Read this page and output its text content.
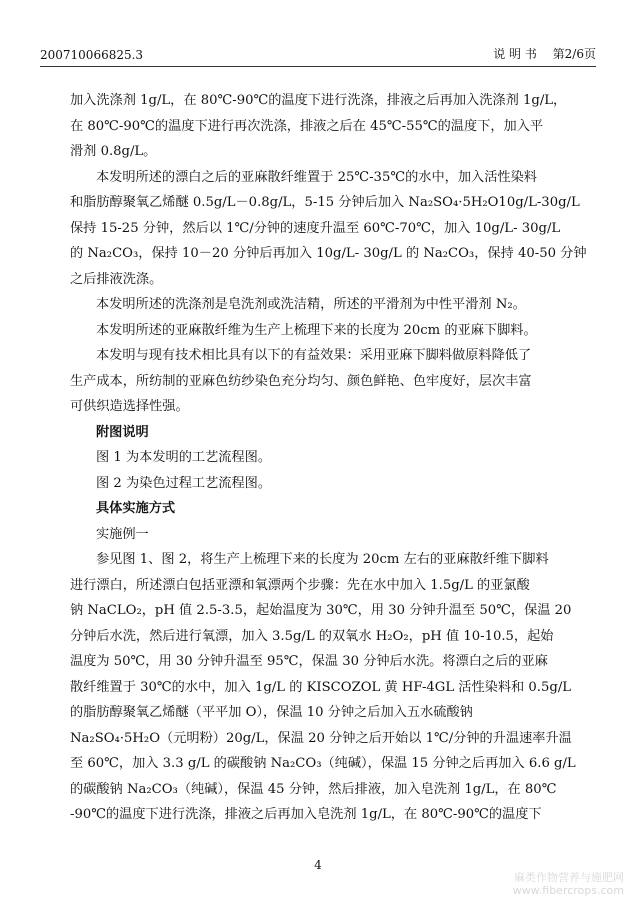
200710066825.3	说 明 书 第2/6页
加入洗涤剂 1g/L，在 80℃-90℃的温度下进行洗涤，排液之后再加入洗涤剂 1g/L，
在 80℃-90℃的温度下进行再次洗涤，排液之后在 45℃-55℃的温度下，加入平
滑剂 0.8g/L。
本发明所述的漂白之后的亚麻散纤维置于 25℃-35℃的水中，加入活性染料
和脂肪醇聚氧乙烯醚 0.5g/L－0.8g/L，5-15 分钟后加入 Na₂SO₄·5H₂O10g/L-30g/L
保持 15-25 分钟，然后以 1℃/分钟的速度升温至 60℃-70℃，加入 10g/L- 30g/L
的 Na₂CO₃，保持 10－20 分钟后再加入 10g/L- 30g/L 的 Na₂CO₃，保持 40-50 分钟
之后排液洗涤。
本发明所述的洗涤剂是皂洗剂或洗洁精，所述的平滑剂为中性平滑剂 N₂。
本发明所述的亚麻散纤维为生产上梳理下来的长度为 20cm 的亚麻下脚料。
本发明与现有技术相比具有以下的有益效果：采用亚麻下脚料做原料降低了
生产成本，所纺制的亚麻色纺纱染色充分均匀、颜色鲜艳、色牢度好，层次丰富
可供织造选择性强。
附图说明
图 1 为本发明的工艺流程图。
图 2 为染色过程工艺流程图。
具体实施方式
实施例一
参见图 1、图 2，将生产上梳理下来的长度为 20cm 左右的亚麻散纤维下脚料
进行漂白，所述漂白包括亚漂和氧漂两个步骤：先在水中加入 1.5g/L 的亚氯酸
钠 NaCLO₂，pH 值 2.5-3.5，起始温度为 30℃，用 30 分钟升温至 50℃，保温 20
分钟后水洗，然后进行氧漂，加入 3.5g/L 的双氧水 H₂O₂，pH 值 10-10.5，起始
温度为 50℃，用 30 分钟升温至 95℃，保温 30 分钟后水洗。将漂白之后的亚麻
散纤维置于 30℃的水中，加入 1g/L 的 KISCOZOL 黄 HF-4GL 活性染料和 0.5g/L
的脂肪醇聚氧乙烯醚（平平加 O），保温 10 分钟之后加入五水硫酸钠
Na₂SO₄·5H₂O（元明粉）20g/L，保温 20 分钟之后开始以 1℃/分钟的升温速率升温
至 60℃，加入 3.3 g/L 的碳酸钠 Na₂CO₃（纯碱），保温 15 分钟之后再加入 6.6 g/L
的碳酸钠 Na₂CO₃（纯碱），保温 45 分钟，然后排液，加入皂洗剂 1g/L，在 80℃
-90℃的温度下进行洗涤，排液之后再加入皂洗剂 1g/L，在 80℃-90℃的温度下
4
麻类作物营养与施肥网
www.fibercrops.com
